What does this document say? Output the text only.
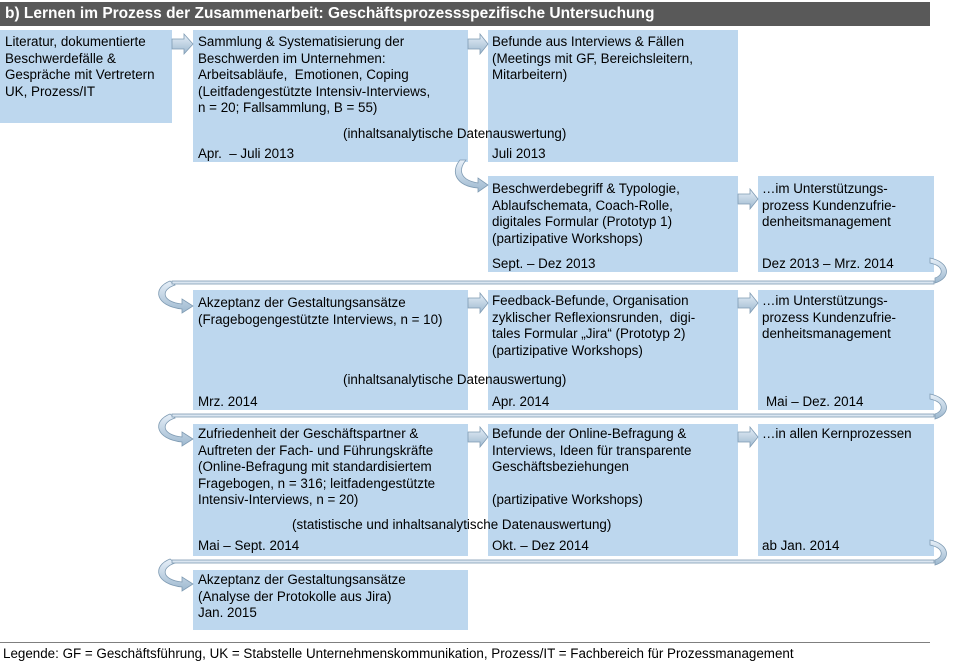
b) Lernen im Prozess der Zusammenarbeit: Geschäftsprozessspezifische Untersuchung
Literatur, dokumentierte
Beschwerdefälle &
Gespräche mit Vertretern
UK, Prozess/IT
Sammlung & Systematisierung der
Beschwerden im Unternehmen:
Arbeitsabläufe,  Emotionen, Coping
(Leitfadengestützte Intensiv-Interviews,
n = 20; Fallsammlung, B = 55)
Apr.  – Juli 2013
Befunde aus Interviews & Fällen
(Meetings mit GF, Bereichsleitern,
Mitarbeitern)
Juli 2013
(inhaltsanalytische Datenauswertung)
Beschwerdebegriff & Typologie,
Ablaufschemata, Coach-Rolle,
digitales Formular (Prototyp 1)
(partizipative Workshops)
Sept. – Dez 2013
…im Unterstützungs-
prozess Kundenzufrie-
denheitsmanagement
Dez 2013 – Mrz. 2014
Akzeptanz der Gestaltungsansätze
(Fragebogengestützte Interviews, n = 10)
Mrz. 2014
Feedback-Befunde, Organisation
zyklischer Reflexionsrunden,  digi-
tales Formular „Jira“ (Prototyp 2)
(partizipative Workshops)
Apr. 2014
(inhaltsanalytische Datenauswertung)
…im Unterstützungs-
prozess Kundenzufrie-
denheitsmanagement
Mai – Dez. 2014
Zufriedenheit der Geschäftspartner &
Auftreten der Fach- und Führungskräfte
(Online-Befragung mit standardisiertem
Fragebogen, n = 316; leitfadengestützte
Intensiv-Interviews, n = 20)
Mai – Sept. 2014
Befunde der Online-Befragung &
Interviews, Ideen für transparente
Geschäftsbeziehungen

(partizipative Workshops)
Okt. – Dez 2014
(statistische und inhaltsanalytische Datenauswertung)
…in allen Kernprozessen
ab Jan. 2014
Akzeptanz der Gestaltungsansätze
(Analyse der Protokolle aus Jira)
Jan. 2015
Legende: GF = Geschäftsführung, UK = Stabstelle Unternehmenskommunikation, Prozess/IT = Fachbereich für Prozessmanagement
